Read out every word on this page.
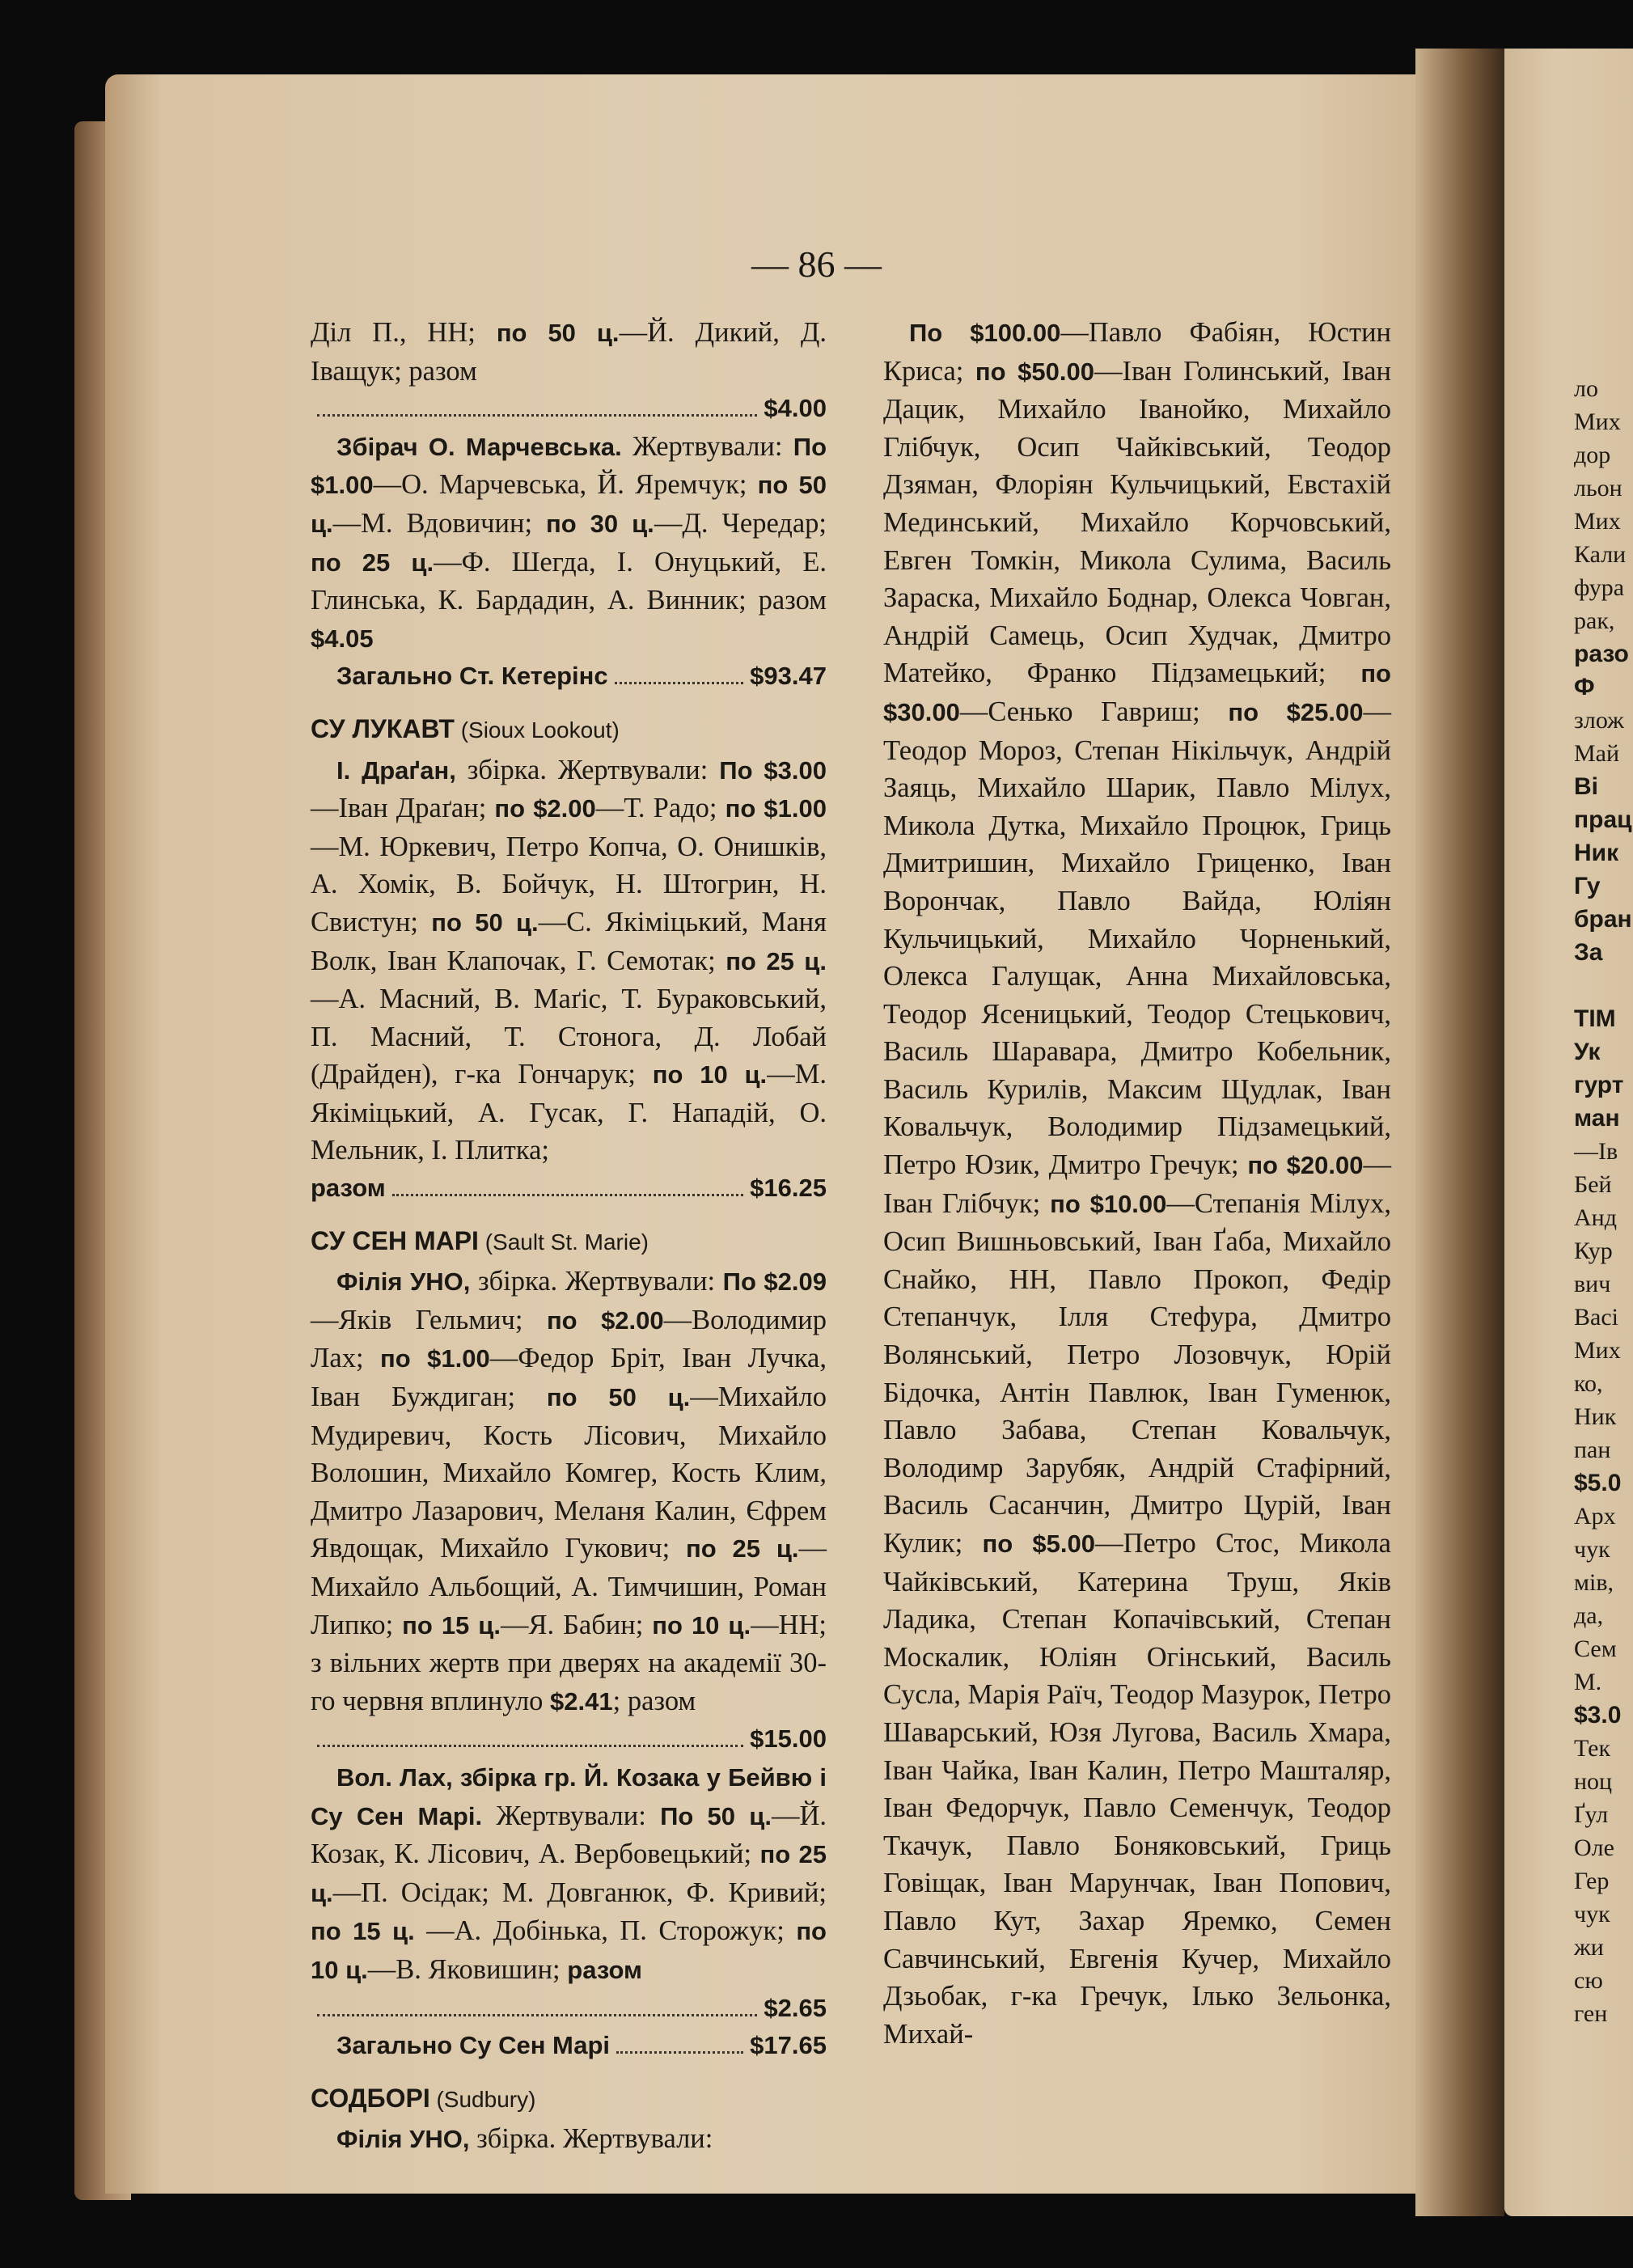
— 86 —

Діл П., НН; по 50 ц.—Й. Дикий, Д. Іващук; разом

$4.00

Збірач О. Марчевська. Жертвували: По $1.00—О. Марчевська, Й. Яремчук; по 50 ц.—М. Вдовичин; по 30 ц.—Д. Чередар; по 25 ц.—Ф. Шегда, І. Онуцький, Е. Глинська, К. Бардадин, А. Винник; разом $4.05

Загально Ст. Кетерінс	$93.47

СУ ЛУКАВТ (Sioux Lookout)

І. Драґан, збірка. Жертвували: По $3.00—Іван Драґан; по $2.00—Т. Радо; по $1.00—М. Юркевич, Петро Копча, О. Онишків, А. Хомік, В. Бойчук, Н. Штогрин, Н. Свистун; по 50 ц.—С. Якіміцький, Маня Волк, Іван Клапочак, Г. Семотак; по 25 ц.—А. Масний, В. Маґіс, Т. Бураковський, П. Масний, Т. Стонога, Д. Лобай (Драйден), г-ка Гончарук; по 10 ц.—М. Якіміцький, А. Гусак, Г. Нападій, О. Мельник, І. Плитка;

разом	$16.25

СУ СЕН МАРІ (Sault St. Marie)

Філія УНО, збірка. Жертвували: По $2.09—Яків Гельмич; по $2.00—Володимир Лах; по $1.00—Федор Бріт, Іван Лучка, Іван Буждиган; по 50 ц.—Михайло Мудиревич, Кость Лісович, Михайло Волошин, Михайло Комгер, Кость Клим, Дмитро Лазарович, Меланя Калин, Єфрем Явдощак, Михайло Гукович; по 25 ц.—Михайло Альбощий, А. Тимчишин, Роман Липко; по 15 ц.—Я. Бабин; по 10 ц.—НН; з вільних жертв при дверях на академії 30-го червня вплинуло $2.41; разом

$15.00

Вол. Лах, збірка гр. Й. Козака у Бейвю і Су Сен Марі. Жертвували: По 50 ц.—Й. Козак, К. Лісович, А. Вербовецький; по 25 ц.—П. Осідак; М. Довганюк, Ф. Кривий; по 15 ц. —А. Добінька, П. Сторожук; по 10 ц.—В. Яковишин; разом

$2.65
Загально Су Сен Марі	$17.65

СОДБОРІ (Sudbury)

Філія УНО, збірка. Жертвували:

По $100.00—Павло Фабіян, Юстин Криса; по $50.00—Іван Голинський, Іван Дацик, Михайло Іванойко, Михайло Глібчук, Осип Чайківський, Теодор Дзяман, Флоріян Кульчицький, Евстахій Мединський, Михайло Корчовський, Евген Томкін, Микола Сулима, Василь Зараска, Михайло Боднар, Олекса Човган, Андрій Самець, Осип Худчак, Дмитро Матейко, Франко Підзамецький; по $30.00—Сенько Гавриш; по $25.00—Теодор Мороз, Степан Нікільчук, Андрій Заяць, Михайло Шарик, Павло Мілух, Микола Дутка, Михайло Процюк, Гриць Дмитришин, Михайло Гриценко, Іван Ворончак, Павло Вайда, Юліян Кульчицький, Михайло Чорненький, Олекса Галущак, Анна Михайловська, Теодор Ясеницький, Теодор Стецькович, Василь Шаравара, Дмитро Кобельник, Василь Курилів, Максим Щудлак, Іван Ковальчук, Володимир Підзамецький, Петро Юзик, Дмитро Гречук; по $20.00—Іван Глібчук; по $10.00—Степанія Мілух, Осип Вишньовський, Іван Ґаба, Михайло Снайко, НН, Павло Прокоп, Федір Степанчук, Ілля Стефура, Дмитро Волянський, Петро Лозовчук, Юрій Бідочка, Антін Павлюк, Іван Гуменюк, Павло Забава, Степан Ковальчук, Володимр Зарубяк, Андрій Стафірний, Василь Сасанчин, Дмитро Цурій, Іван Кулик; по $5.00—Петро Стос, Микола Чайківський, Катерина Труш, Яків Ладика, Степан Копачівський, Степан Москалик, Юліян Огінський, Василь Сусла, Марія Раїч, Теодор Мазурок, Петро Шаварський, Юзя Лугова, Василь Хмара, Іван Чайка, Іван Калин, Петро Машталяр, Іван Федорчук, Павло Семенчук, Теодор Ткачук, Павло Боняковський, Гриць Говіщак, Іван Марунчак, Іван Попович, Павло Кут, Захар Яремко, Семен Савчинський, Евгенія Кучер, Михайло Дзьобак, г-ка Гречук, Ілько Зельонка, Михай-

ло
Мих
дор
льон
Мих
Кали
фура
рак,
разо
Ф
злож
Май
Ві
прац
Ник
Гу
бран
За

ТІМ
Ук
гурт
ман
—Ів
Бей
Анд
Кур
вич
Васі
Мих
ко,
Ник
пан
$5.0
Арх
чук
мів,
да,
Сем
М.
$3.0
Тек
ноц
Ґул
Оле
Гер
чук
жи
сю
ген
